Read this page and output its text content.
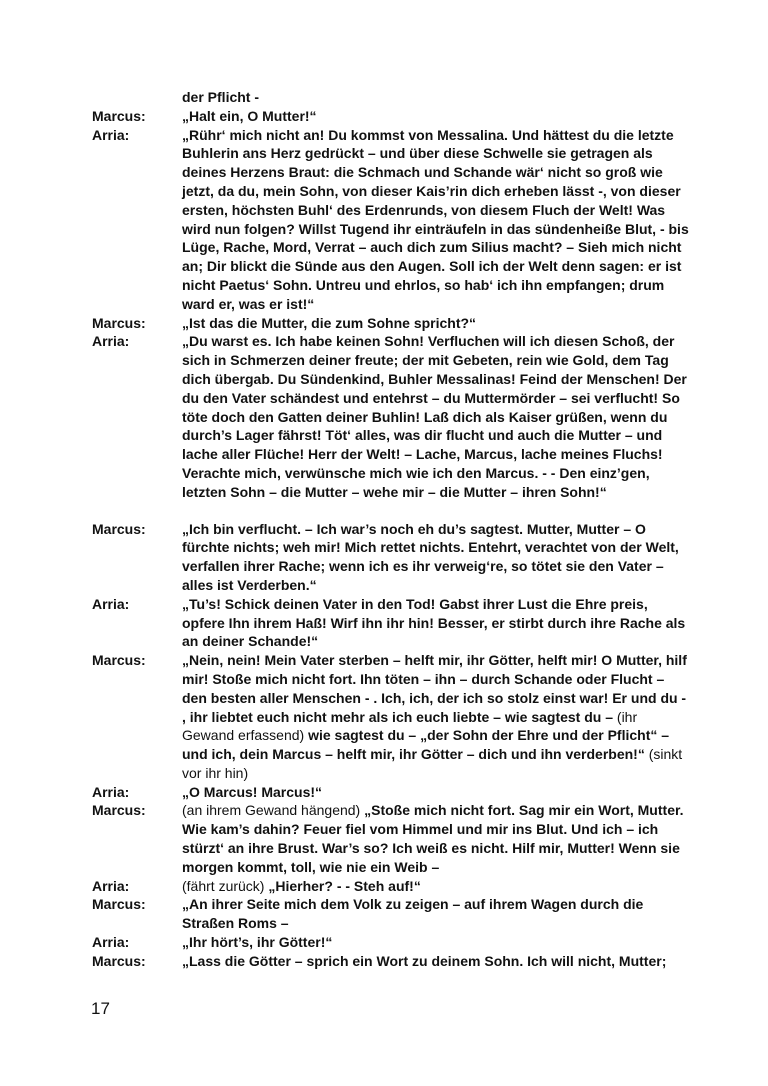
der Pflicht -
Marcus:	„Halt ein, O Mutter!“
Arria:	„Rühr‘ mich nicht an! Du kommst von Messalina. Und hättest du die letzte Buhlerin ans Herz gedrückt – und über diese Schwelle sie getragen als deines Herzens Braut: die Schmach und Schande wär‘ nicht so groß wie jetzt, da du, mein Sohn, von dieser Kais’rin dich erheben lässt -, von dieser ersten, höchsten Buhl‘ des Erdenrunds, von diesem Fluch der Welt! Was wird nun folgen? Willst Tugend ihr einträufeln in das sündenheiße Blut, - bis Lüge, Rache, Mord, Verrat – auch dich zum Silius macht? – Sieh mich nicht an; Dir blickt die Sünde aus den Augen. Soll ich der Welt denn sagen: er ist nicht Paetus‘ Sohn. Untreu und ehrlos, so hab‘ ich ihn empfangen; drum ward er, was er ist!“
Marcus:	„Ist das die Mutter, die zum Sohne spricht?“
Arria:	„Du warst es. Ich habe keinen Sohn! Verfluchen will ich diesen Schoß, der sich in Schmerzen deiner freute; der mit Gebeten, rein wie Gold, dem Tag dich übergab. Du Sündenkind, Buhler Messalinas! Feind der Menschen! Der du den Vater schändest und entehrst – du Muttermörder – sei verflucht! So töte doch den Gatten deiner Buhlin! Laß dich als Kaiser grüßen, wenn du durch’s Lager fährst! Töt‘ alles, was dir flucht und auch die Mutter – und lache aller Flüche! Herr der Welt! – Lache, Marcus, lache meines Fluchs! Verachte mich, verwünsche mich wie ich den Marcus. - - Den einz’gen, letzten Sohn – die Mutter – wehe mir – die Mutter – ihren Sohn!“
Marcus:	„Ich bin verflucht. – Ich war’s noch eh du’s sagtest. Mutter, Mutter – O fürchte nichts; weh mir! Mich rettet nichts. Entehrt, verachtet von der Welt, verfallen ihrer Rache; wenn ich es ihr verweig‘re, so tötet sie den Vater – alles ist Verderben.“
Arria:	„Tu’s! Schick deinen Vater in den Tod! Gabst ihrer Lust die Ehre preis, opfere Ihn ihrem Haß! Wirf ihn ihr hin! Besser, er stirbt durch ihre Rache als an deiner Schande!“
Marcus:	„Nein, nein! Mein Vater sterben – helft mir, ihr Götter, helft mir! O Mutter, hilf mir! Stoße mich nicht fort. Ihn töten – ihn – durch Schande oder Flucht – den besten aller Menschen - . Ich, ich, der ich so stolz einst war! Er und du - , ihr liebtet euch nicht mehr als ich euch liebte – wie sagtest du – (ihr Gewand erfassend) wie sagtest du – „der Sohn der Ehre und der Pflicht“ – und ich, dein Marcus – helft mir, ihr Götter – dich und ihn verderben!“ (sinkt vor ihr hin)
Arria:	„O Marcus! Marcus!“
Marcus:	(an ihrem Gewand hängend) „Stoße mich nicht fort. Sag mir ein Wort, Mutter. Wie kam’s dahin? Feuer fiel vom Himmel und mir ins Blut. Und ich – ich stürzt‘ an ihre Brust. War’s so? Ich weiß es nicht. Hilf mir, Mutter! Wenn sie morgen kommt, toll, wie nie ein Weib –
Arria:	(fährt zurück) „Hierher? - - Steh auf!“
Marcus:	„An ihrer Seite mich dem Volk zu zeigen – auf ihrem Wagen durch die Straßen Roms –
Arria:	„Ihr hört’s, ihr Götter!“
Marcus:	„Lass die Götter – sprich ein Wort zu deinem Sohn. Ich will nicht, Mutter;
17
